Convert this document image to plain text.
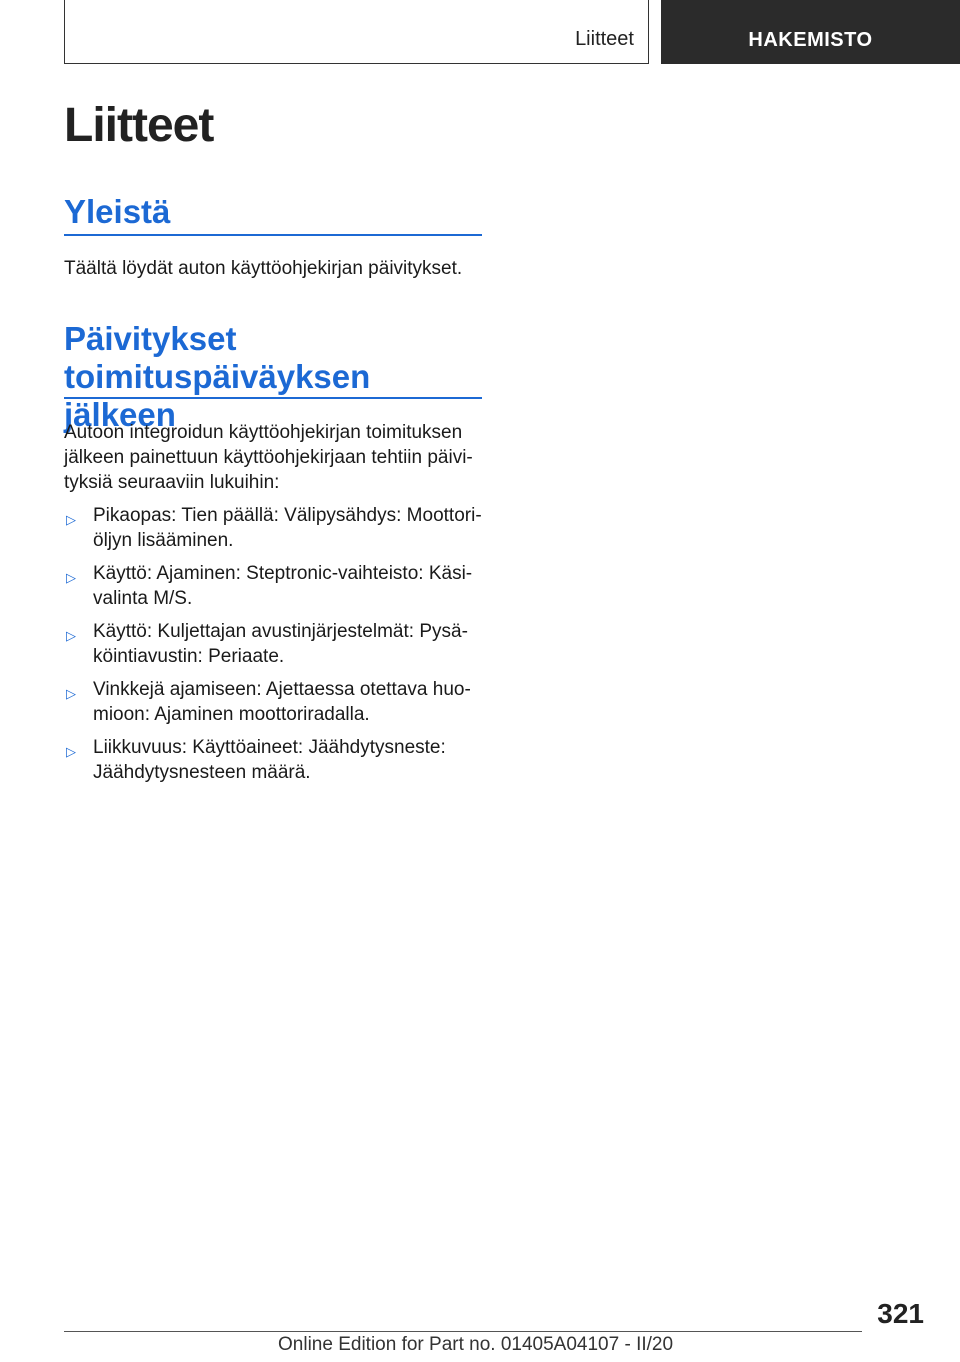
Liitteet	HAKEMISTO
Liitteet
Yleistä

Täältä löydät auton käyttöohjekirjan päivitykset.

Päivitykset
toimituspäiväyksen jälkeen

Autoon integroidun käyttöohjekirjan toimituksen
jälkeen painettuun käyttöohjekirjaan tehtiin päivi-
tyksiä seuraaviin lukuihin:

▷ Pikaopas: Tien päällä: Välipysähdys: Moottori-
öljyn lisääminen.
▷ Käyttö: Ajaminen: Steptronic-vaihteisto: Käsi-
valinta M/S.
▷ Käyttö: Kuljettajan avustinjärjestelmät: Pysä-
köintiavustin: Periaate.
▷ Vinkkejä ajamiseen: Ajettaessa otettava huo-
mioon: Ajaminen moottoriradalla.
▷ Liikkuvuus: Käyttöaineet: Jäähdytysneste:
Jäähdytysnesteen määrä.
321
Online Edition for Part no. 01405A04107 - II/20
